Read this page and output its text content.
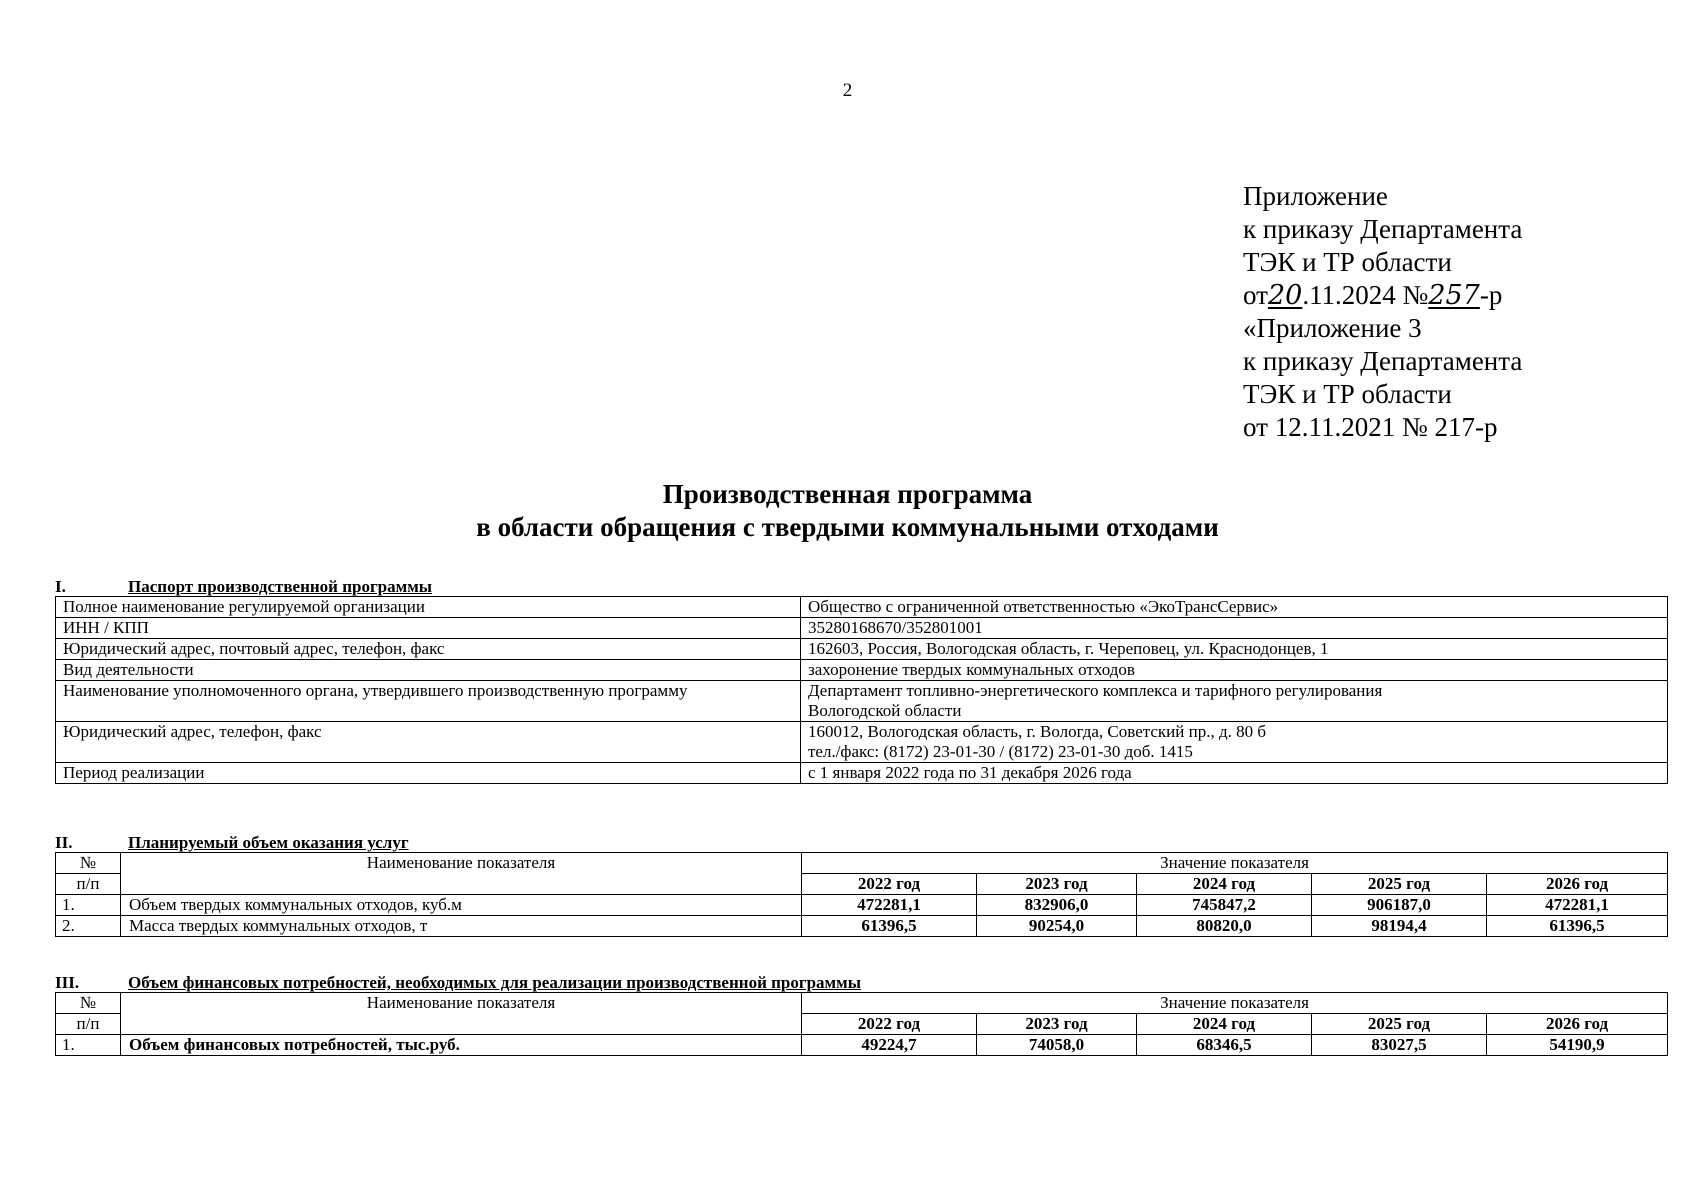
2
Приложение
к приказу Департамента
ТЭК и ТР области
от20.11.2024 №257-р
«Приложение 3
к приказу Департамента
ТЭК и ТР области
от 12.11.2021 № 217-р
Производственная программа
в области обращения с твердыми коммунальными отходами
I.	Паспорт производственной программы
Полное наименование регулируемой организации	Общество с ограниченной ответственностью «ЭкоТрансСервис»

ИНН / КПП	35280168670/352801001

Юридический адрес, почтовый адрес, телефон, факс	162603, Россия, Вологодская область, г. Череповец, ул. Краснодонцев, 1

Вид деятельности	захоронение твердых коммунальных отходов

Наименование уполномоченного органа, утвердившего производственную программу	Департамент топливно-энергетического комплекса и тарифного регулирования
Вологодской области

Юридический адрес, телефон, факс	160012, Вологодская область, г. Вологда, Советский пр., д. 80 б
тел./факс: (8172) 23-01-30 / (8172) 23-01-30 доб. 1415

Период реализации	с 1 января 2022 года по 31 декабря 2026 года
II.	Планируемый объем оказания услуг
№	Наименование показателя	Значение показателя				
п/п		2022 год	2023 год	2024 год	2025 год	2026 год
1.	Объем твердых коммунальных отходов, куб.м	472281,1	832906,0	745847,2	906187,0	472281,1
2.	Масса твердых коммунальных отходов, т	61396,5	90254,0	80820,0	98194,4	61396,5
III.	Объем финансовых потребностей, необходимых для реализации производственной программы
№	Наименование показателя	Значение показателя				
п/п		2022 год	2023 год	2024 год	2025 год	2026 год
1.	Объем финансовых потребностей, тыс.руб.	49224,7	74058,0	68346,5	83027,5	54190,9
